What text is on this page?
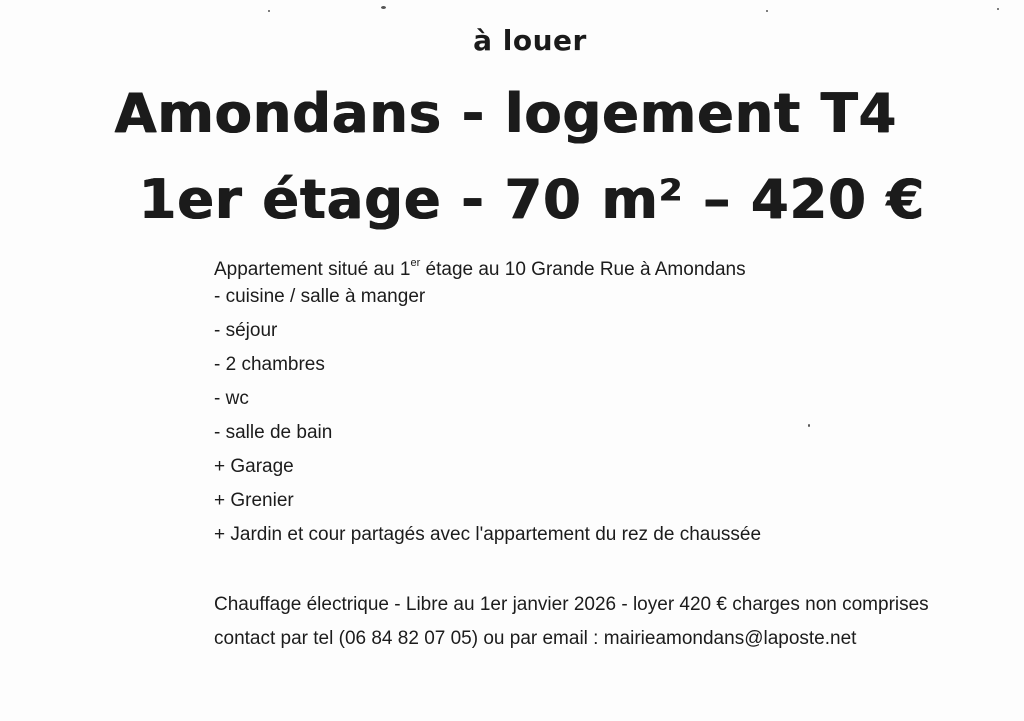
à louer
Amondans - logement T4
1er étage - 70 m² – 420 €
Appartement situé au 1er étage au 10 Grande Rue à Amondans
- cuisine / salle à manger
- séjour
- 2 chambres
- wc
- salle de bain
+ Garage
+ Grenier
+ Jardin et cour partagés avec l'appartement du rez de chaussée
Chauffage électrique - Libre au 1er janvier 2026 - loyer 420 € charges non comprises
contact par tel (06 84 82 07 05) ou par email : mairieamondans@laposte.net
